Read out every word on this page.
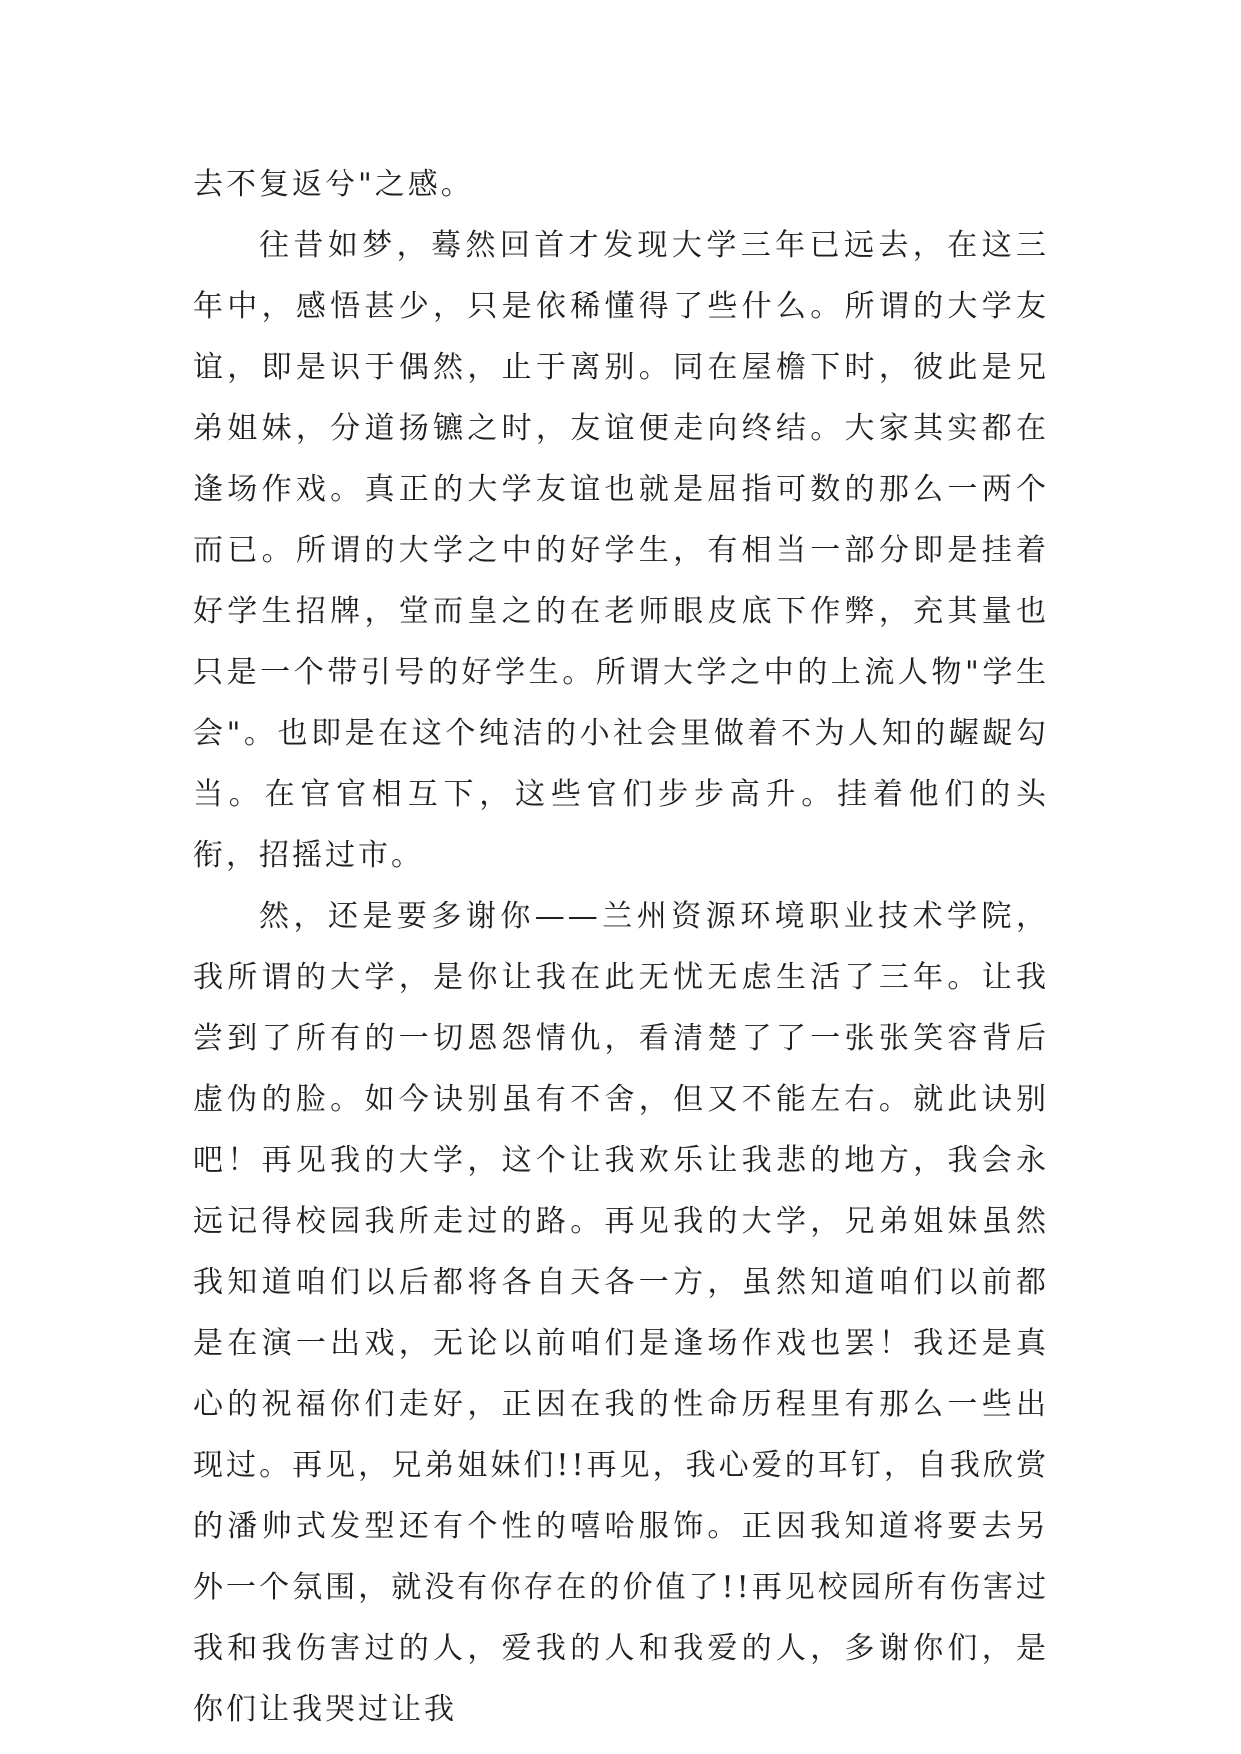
去不复返兮"之感。

往昔如梦，蓦然回首才发现大学三年已远去，在这三年中，感悟甚少，只是依稀懂得了些什么。所谓的大学友谊，即是识于偶然，止于离别。同在屋檐下时，彼此是兄弟姐妹，分道扬镳之时，友谊便走向终结。大家其实都在逢场作戏。真正的大学友谊也就是屈指可数的那么一两个而已。所谓的大学之中的好学生，有相当一部分即是挂着好学生招牌，堂而皇之的在老师眼皮底下作弊，充其量也只是一个带引号的好学生。所谓大学之中的上流人物"学生会"。也即是在这个纯洁的小社会里做着不为人知的龌龊勾当。在官官相互下，这些官们步步高升。挂着他们的头衔，招摇过市。

然，还是要多谢你——兰州资源环境职业技术学院，我所谓的大学，是你让我在此无忧无虑生活了三年。让我尝到了所有的一切恩怨情仇，看清楚了了一张张笑容背后虚伪的脸。如今诀别虽有不舍，但又不能左右。就此诀别吧！再见我的大学，这个让我欢乐让我悲的地方，我会永远记得校园我所走过的路。再见我的大学，兄弟姐妹虽然我知道咱们以后都将各自天各一方，虽然知道咱们以前都是在演一出戏，无论以前咱们是逢场作戏也罢！我还是真心的祝福你们走好，正因在我的性命历程里有那么一些出现过。再见，兄弟姐妹们!!再见，我心爱的耳钉，自我欣赏的潘帅式发型还有个性的嘻哈服饰。正因我知道将要去另外一个氛围，就没有你存在的价值了!!再见校园所有伤害过我和我伤害过的人，爱我的人和我爱的人，多谢你们，是你们让我哭过让我
